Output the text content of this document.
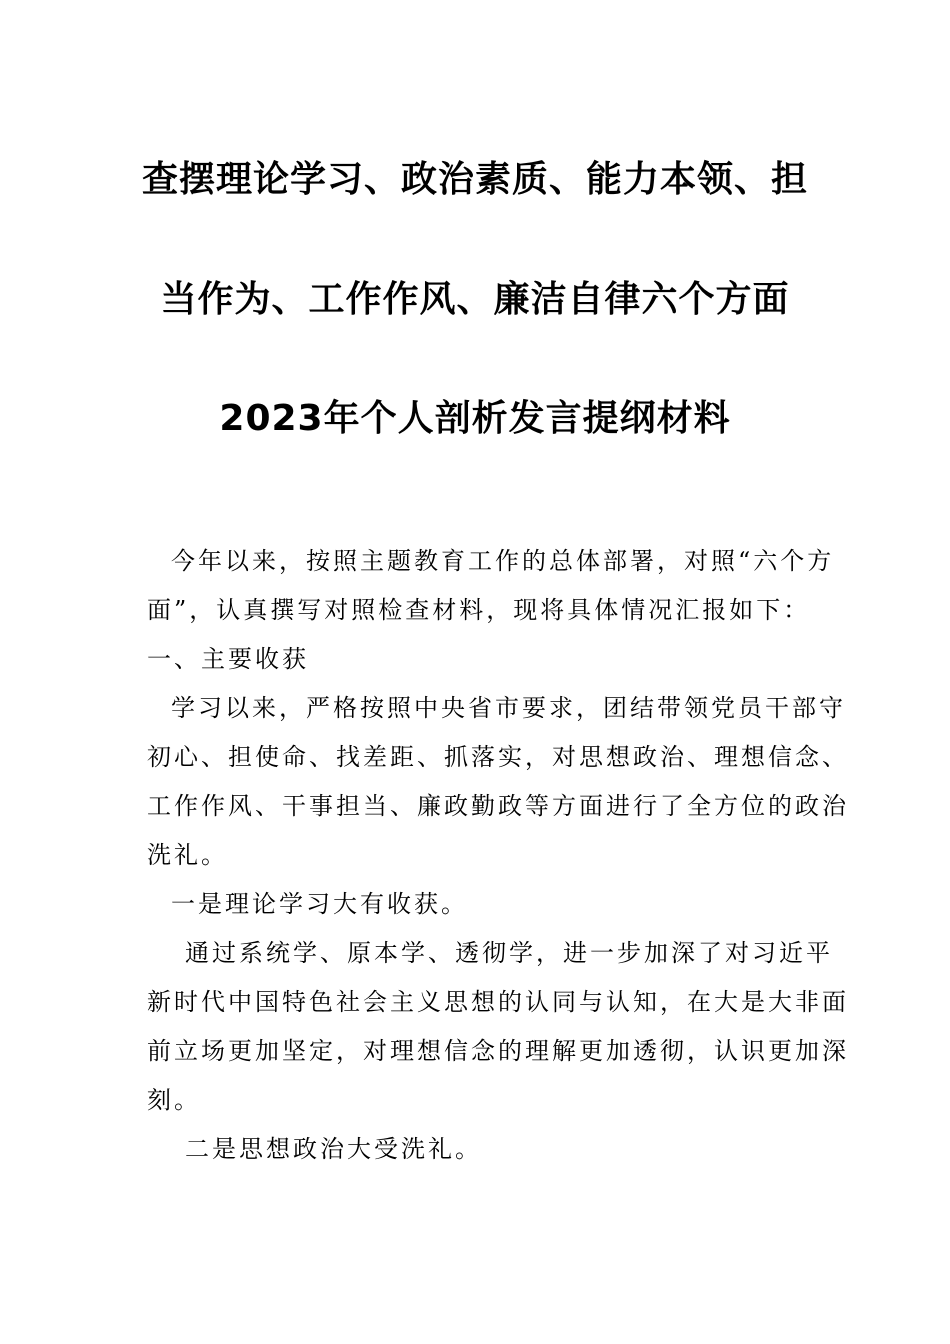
查摆理论学习、政治素质、能力本领、担
当作为、工作作风、廉洁自律六个方面
2023年个人剖析发言提纲材料
今年以来，按照主题教育工作的总体部署，对照“六个方
面”，认真撰写对照检查材料，现将具体情况汇报如下：
一、主要收获
学习以来，严格按照中央省市要求，团结带领党员干部守
初心、担使命、找差距、抓落实，对思想政治、理想信念、
工作作风、干事担当、廉政勤政等方面进行了全方位的政治
洗礼。
一是理论学习大有收获。
通过系统学、原本学、透彻学，进一步加深了对习近平
新时代中国特色社会主义思想的认同与认知，在大是大非面
前立场更加坚定，对理想信念的理解更加透彻，认识更加深
刻。
二是思想政治大受洗礼。
